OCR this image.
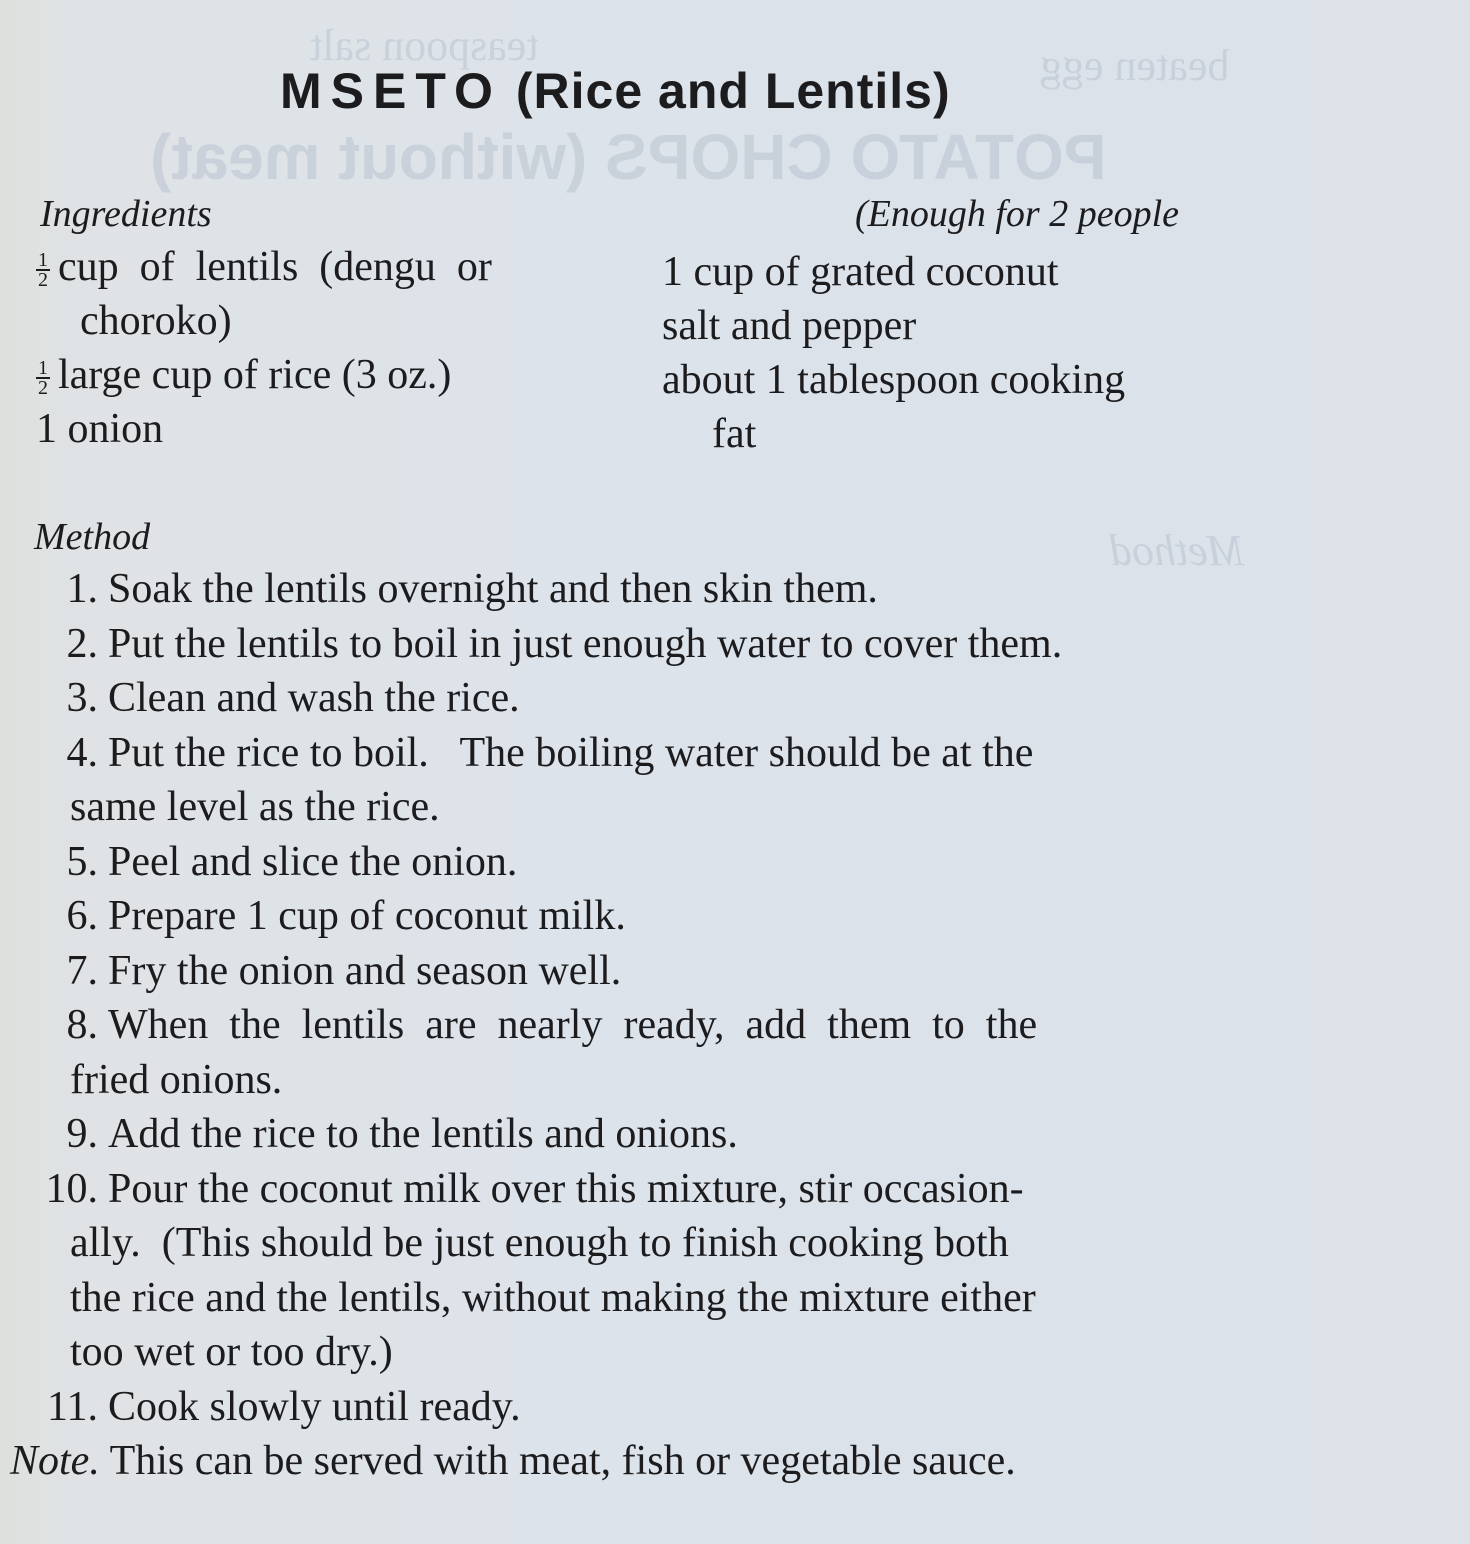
POTATO CHOPS (without meat)
teaspoon salt	beaten egg
Method
MSETO (Rice and Lentils)
Ingredients	(Enough for 2 people
$\frac{1}{2}$ cup  of  lentils  (dengu  or
choroko)
$\frac{1}{2}$ large cup of rice (3 oz.)
1 onion
1 cup of grated coconut
salt and pepper
about 1 tablespoon cooking
fat
Method
1. Soak the lentils overnight and then skin them.
2. Put the lentils to boil in just enough water to cover them.
3. Clean and wash the rice.
4. Put the rice to boil.   The boiling water should be at the
same level as the rice.
5. Peel and slice the onion.
6. Prepare 1 cup of coconut milk.
7. Fry the onion and season well.
8. When  the  lentils  are  nearly  ready,  add  them  to  the
fried onions.
9. Add the rice to the lentils and onions.
10. Pour the coconut milk over this mixture, stir occasion-
ally.  (This should be just enough to finish cooking both
the rice and the lentils, without making the mixture either
too wet or too dry.)
11. Cook slowly until ready.
Note. This can be served with meat, fish or vegetable sauce.
